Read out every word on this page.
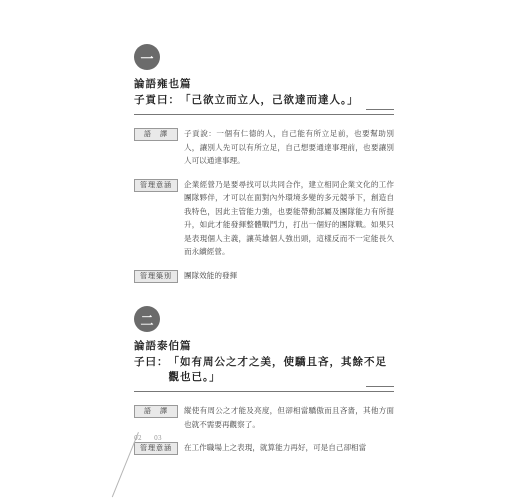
一
論語雍也篇
子貢曰： 「己欲立而立人，己欲達而達人。」
語　譯	子貢說：一個有仁德的人，自己能有所立足前，也要幫助別人，讓別人先可以有所立足，自己想要通達事理前，也要讓別人可以通達事理。
管理意涵	企業經營乃是要尋找可以共同合作，建立相同企業文化的工作團隊夥伴，才可以在面對內外環境多變的多元競爭下，創造自我特色，因此主管能力強，也要能帶動部屬及團隊能力有所提升，如此才能發揮整體戰鬥力，打出一個好的團隊戰。如果只是表現個人主義，讓英雄個人強出頭，這樣反而不一定能長久而永續經營。
管理築別	團隊效能的發揮
二
論語泰伯篇
子曰： 「如有周公之才之美，使驕且吝，其餘不足觀也已。」
語　譯	縱使有周公之才能及亮度，但卻相當驕傲而且吝嗇，其他方面也就不需要再觀察了。
管理意涵	在工作職場上之表現，就算能力再好，可是自己卻相當
02 03
